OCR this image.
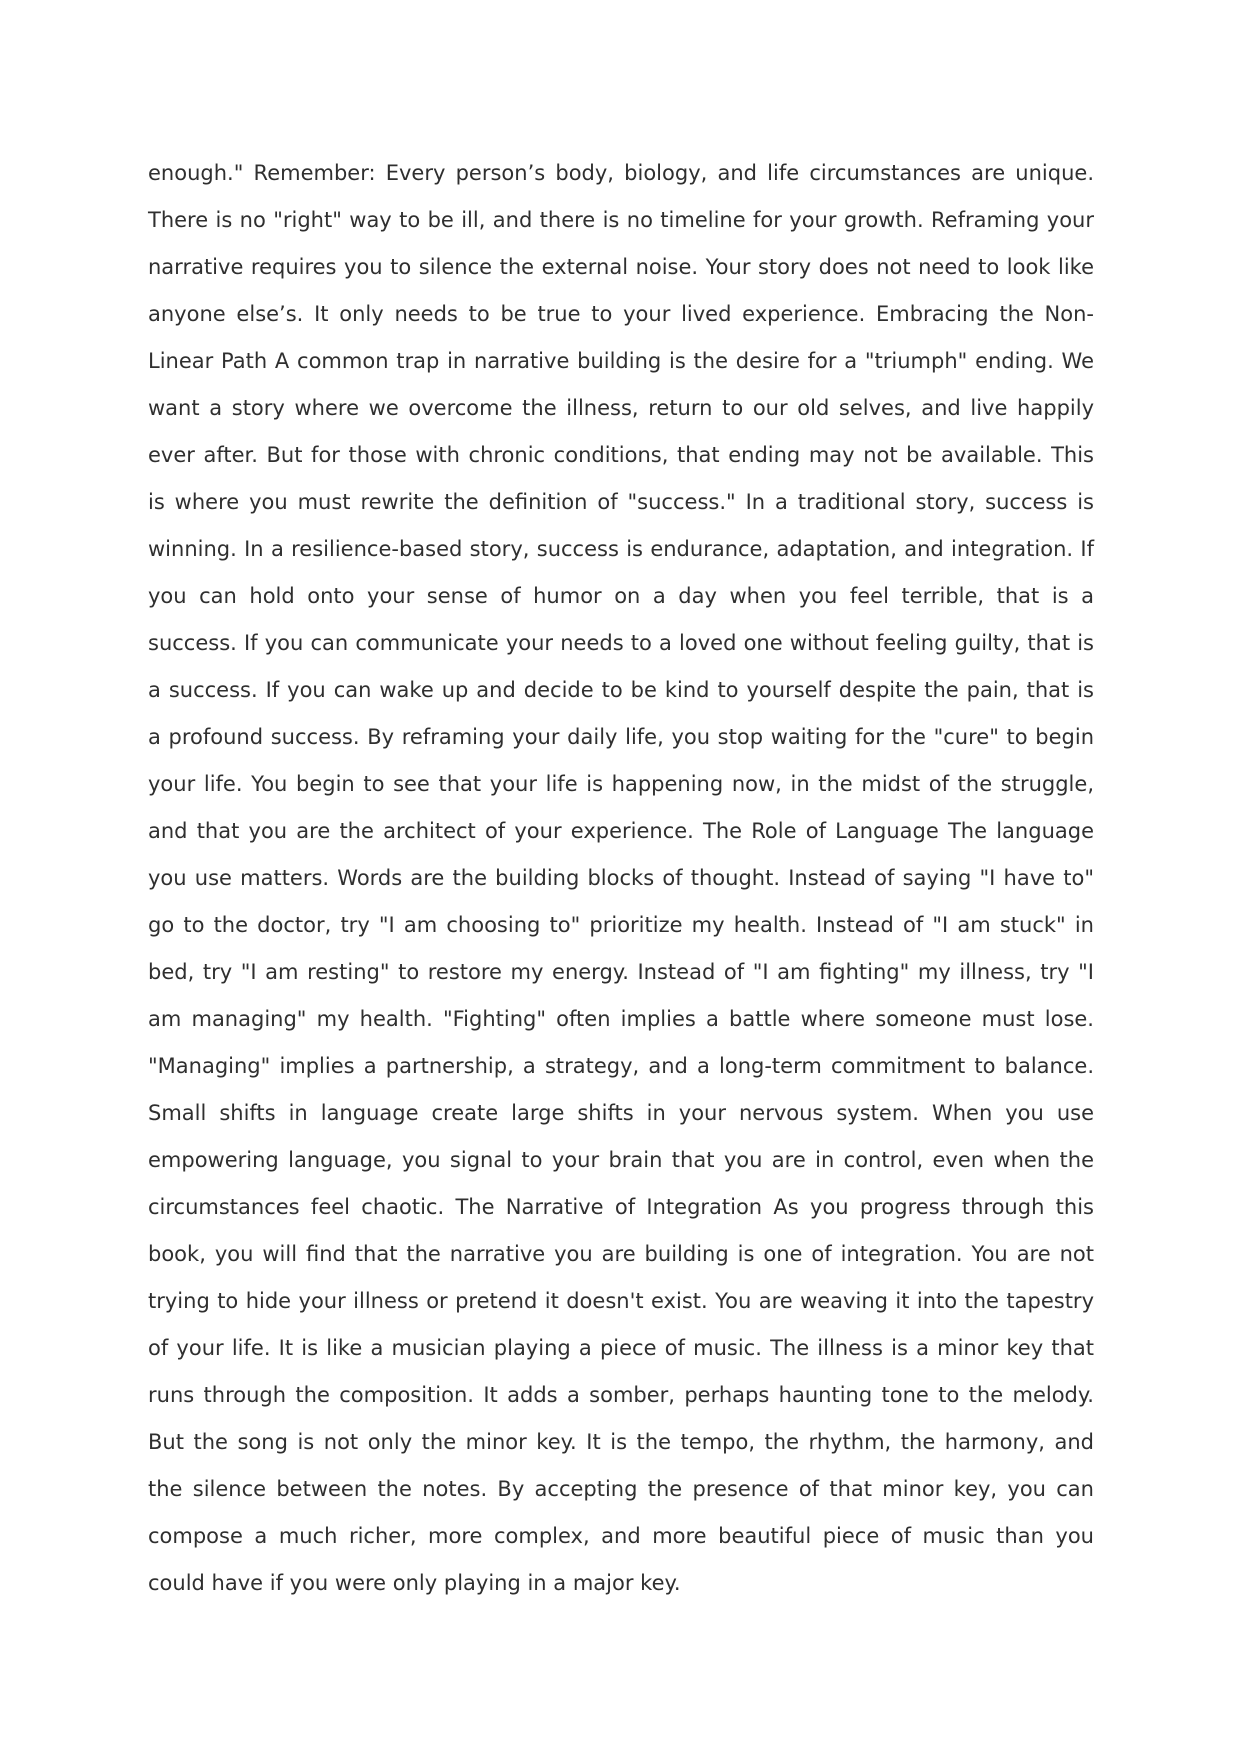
enough." Remember: Every person’s body, biology, and life circumstances are unique.
There is no "right" way to be ill, and there is no timeline for your growth. Reframing your
narrative requires you to silence the external noise. Your story does not need to look like
anyone else’s. It only needs to be true to your lived experience. Embracing the Non-
Linear Path A common trap in narrative building is the desire for a "triumph" ending. We
want a story where we overcome the illness, return to our old selves, and live happily
ever after. But for those with chronic conditions, that ending may not be available. This
is where you must rewrite the definition of "success." In a traditional story, success is
winning. In a resilience-based story, success is endurance, adaptation, and integration. If
you can hold onto your sense of humor on a day when you feel terrible, that is a
success. If you can communicate your needs to a loved one without feeling guilty, that is
a success. If you can wake up and decide to be kind to yourself despite the pain, that is
a profound success. By reframing your daily life, you stop waiting for the "cure" to begin
your life. You begin to see that your life is happening now, in the midst of the struggle,
and that you are the architect of your experience. The Role of Language The language
you use matters. Words are the building blocks of thought. Instead of saying "I have to"
go to the doctor, try "I am choosing to" prioritize my health. Instead of "I am stuck" in
bed, try "I am resting" to restore my energy. Instead of "I am fighting" my illness, try "I
am managing" my health. "Fighting" often implies a battle where someone must lose.
"Managing" implies a partnership, a strategy, and a long-term commitment to balance.
Small shifts in language create large shifts in your nervous system. When you use
empowering language, you signal to your brain that you are in control, even when the
circumstances feel chaotic. The Narrative of Integration As you progress through this
book, you will find that the narrative you are building is one of integration. You are not
trying to hide your illness or pretend it doesn't exist. You are weaving it into the tapestry
of your life. It is like a musician playing a piece of music. The illness is a minor key that
runs through the composition. It adds a somber, perhaps haunting tone to the melody.
But the song is not only the minor key. It is the tempo, the rhythm, the harmony, and
the silence between the notes. By accepting the presence of that minor key, you can
compose a much richer, more complex, and more beautiful piece of music than you
could have if you were only playing in a major key.
